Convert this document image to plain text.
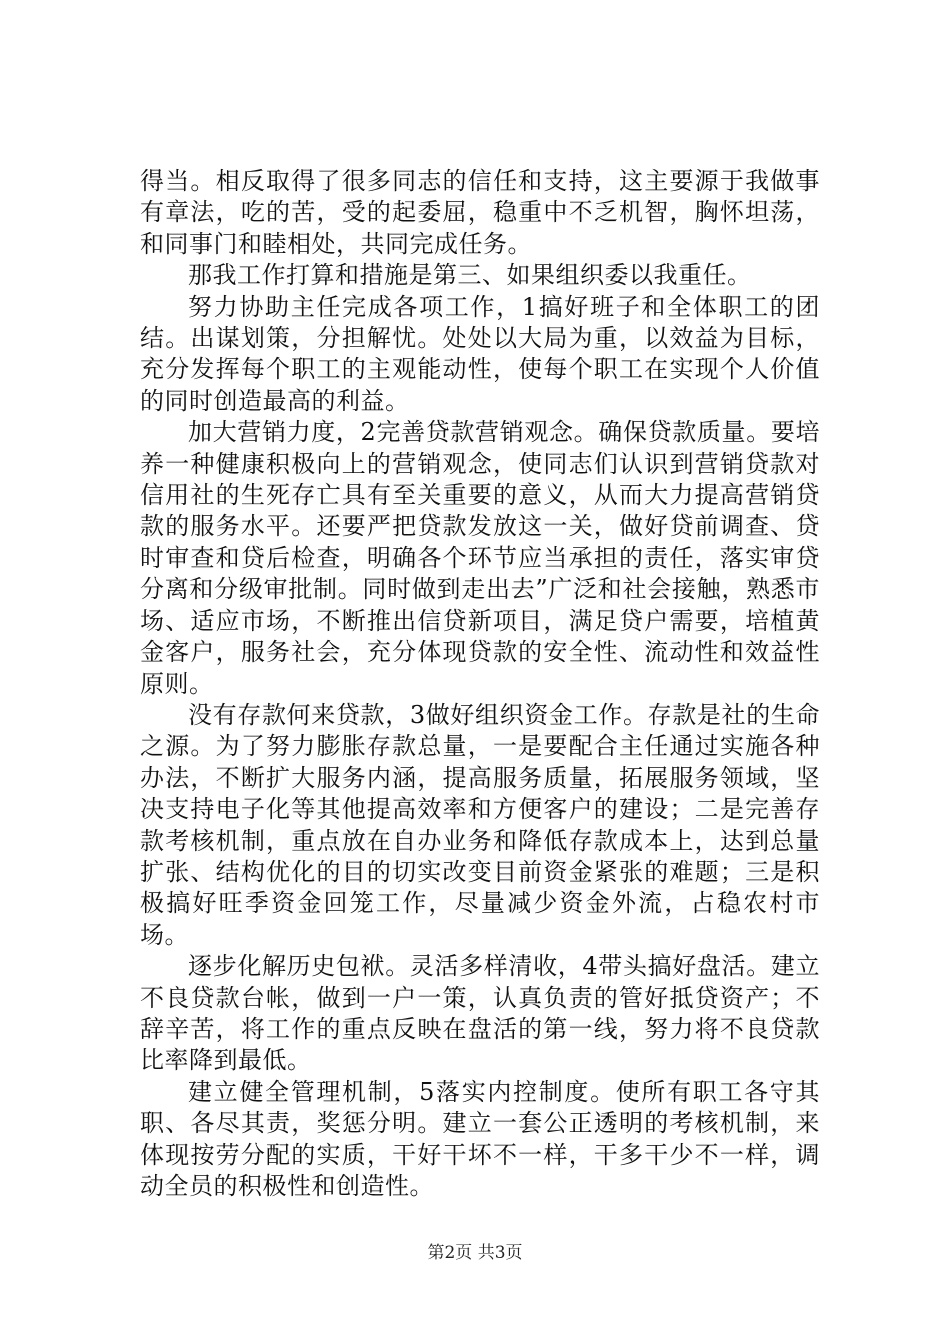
得当。相反取得了很多同志的信任和支持，这主要源于我做事有章法，吃的苦，受的起委屈，稳重中不乏机智，胸怀坦荡，和同事门和睦相处，共同完成任务。

那我工作打算和措施是第三、如果组织委以我重任。

努力协助主任完成各项工作，1搞好班子和全体职工的团结。出谋划策，分担解忧。处处以大局为重，以效益为目标，充分发挥每个职工的主观能动性，使每个职工在实现个人价值的同时创造最高的利益。

加大营销力度，2完善贷款营销观念。确保贷款质量。要培养一种健康积极向上的营销观念，使同志们认识到营销贷款对信用社的生死存亡具有至关重要的意义，从而大力提高营销贷款的服务水平。还要严把贷款发放这一关，做好贷前调查、贷时审查和贷后检查，明确各个环节应当承担的责任，落实审贷分离和分级审批制。同时做到走出去”广泛和社会接触，熟悉市场、适应市场，不断推出信贷新项目，满足贷户需要，培植黄金客户，服务社会，充分体现贷款的安全性、流动性和效益性原则。

没有存款何来贷款，3做好组织资金工作。存款是社的生命之源。为了努力膨胀存款总量，一是要配合主任通过实施各种办法，不断扩大服务内涵，提高服务质量，拓展服务领域，坚决支持电子化等其他提高效率和方便客户的建设；二是完善存款考核机制，重点放在自办业务和降低存款成本上，达到总量扩张、结构优化的目的切实改变目前资金紧张的难题；三是积极搞好旺季资金回笼工作，尽量减少资金外流，占稳农村市场。

逐步化解历史包袱。灵活多样清收，4带头搞好盘活。建立不良贷款台帐，做到一户一策，认真负责的管好抵贷资产；不辞辛苦，将工作的重点反映在盘活的第一线，努力将不良贷款比率降到最低。

建立健全管理机制，5落实内控制度。使所有职工各守其职、各尽其责，奖惩分明。建立一套公正透明的考核机制，来体现按劳分配的实质，干好干坏不一样，干多干少不一样，调动全员的积极性和创造性。

第2页 共3页
